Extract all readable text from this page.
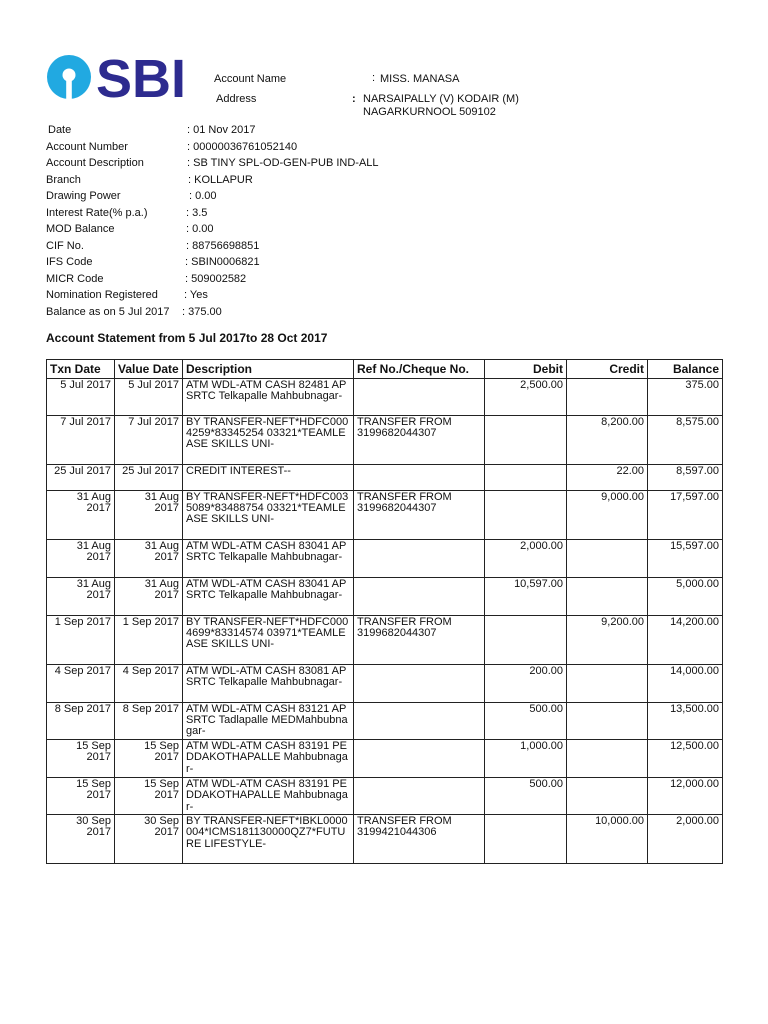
SBI	Account Name	: MISS. MANASA
Address	: NARSAIPALLY (V) KODAIR (M)
NAGARKURNOOL 509102
Date	: 01 Nov 2017
Account Number	: 00000036761052140
Account Description	: SB TINY SPL-OD-GEN-PUB IND-ALL
Branch	: KOLLAPUR
Drawing Power	: 0.00
Interest Rate(% p.a.)	: 3.5
MOD Balance	: 0.00
CIF No.	: 88756698851
IFS Code	: SBIN0006821
MICR Code	: 509002582
Nomination Registered : Yes
Balance as on 5 Jul 2017 : 375.00
Account Statement from 5 Jul 2017to 28 Oct 2017
Txn Date	Value Date	Description	Ref No./Cheque No.	Debit	Credit	Balance
5 Jul 2017	5 Jul 2017	ATM WDL-ATM CASH 82481 APSRTC Telkapalle Mahbubnagar-		2,500.00		375.00
7 Jul 2017	7 Jul 2017	BY TRANSFER-NEFT*HDFC0004259*83345254 03321*TEAMLEASE SKILLS UNI-	TRANSFER FROM 3199682044307		8,200.00	8,575.00
25 Jul 2017	25 Jul 2017	CREDIT INTEREST--			22.00	8,597.00
31 Aug 2017	31 Aug 2017	BY TRANSFER-NEFT*HDFC0035089*83488754 03321*TEAMLEASE SKILLS UNI-	TRANSFER FROM 3199682044307		9,000.00	17,597.00
31 Aug 2017	31 Aug 2017	ATM WDL-ATM CASH 83041 APSRTC Telkapalle Mahbubnagar-		2,000.00		15,597.00
31 Aug 2017	31 Aug 2017	ATM WDL-ATM CASH 83041 APSRTC Telkapalle Mahbubnagar-		10,597.00		5,000.00
1 Sep 2017	1 Sep 2017	BY TRANSFER-NEFT*HDFC0004699*83314574 03971*TEAMLEASE SKILLS UNI-	TRANSFER FROM 3199682044307		9,200.00	14,200.00
4 Sep 2017	4 Sep 2017	ATM WDL-ATM CASH 83081 APSRTC Telkapalle Mahbubnagar-		200.00		14,000.00
8 Sep 2017	8 Sep 2017	ATM WDL-ATM CASH 83121 APSRTC Tadlapalle MEDMahbubnagar-		500.00		13,500.00
15 Sep 2017	15 Sep 2017	ATM WDL-ATM CASH 83191 PEDDAKOTHAPALLE Mahbubnagar-		1,000.00		12,500.00
15 Sep 2017	15 Sep 2017	ATM WDL-ATM CASH 83191 PEDDAKOTHAPALLE Mahbubnagar-		500.00		12,000.00
30 Sep 2017	30 Sep 2017	BY TRANSFER-NEFT*IBKL0000004*ICMS181130000QZ7*FUTURE LIFESTYLE-	TRANSFER FROM 3199421044306		10,000.00	2,000.00
